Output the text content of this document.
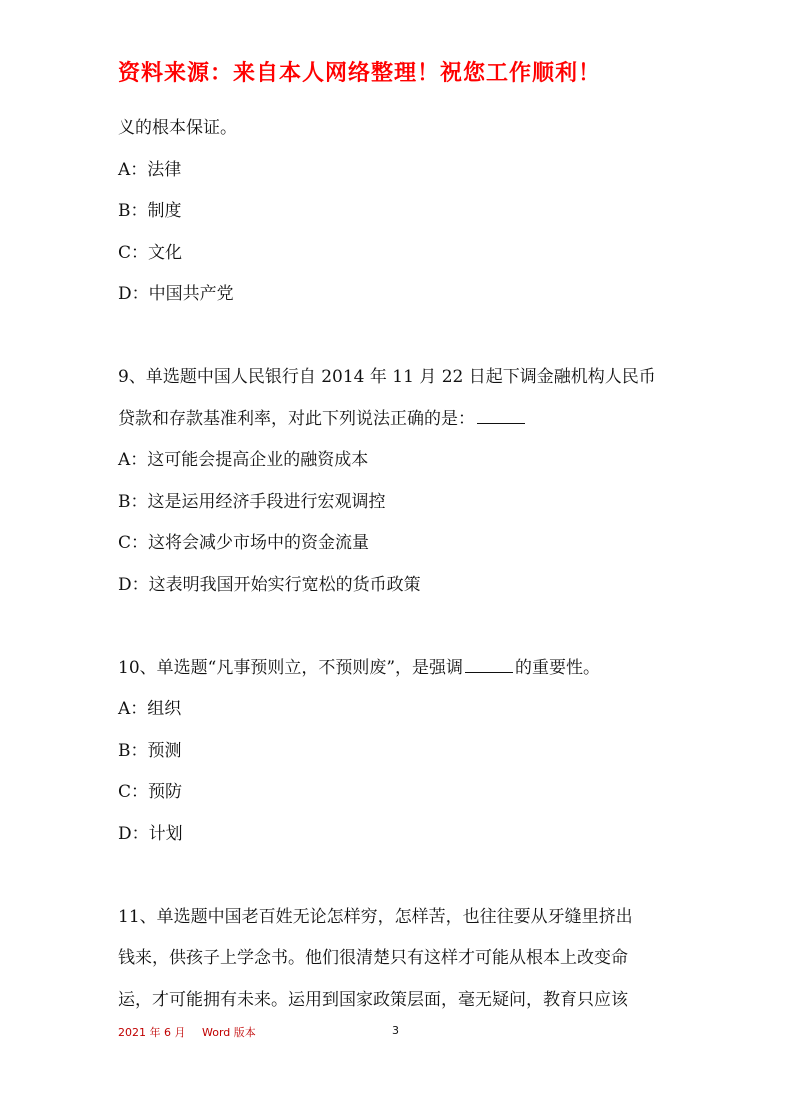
资料来源：来自本人网络整理！祝您工作顺利！
义的根本保证。
A：法律
B：制度
C：文化
D：中国共产党
9、单选题中国人民银行自 2014 年 11 月 22 日起下调金融机构人民币
贷款和存款基准利率，对此下列说法正确的是：
A：这可能会提高企业的融资成本
B：这是运用经济手段进行宏观调控
C：这将会减少市场中的资金流量
D：这表明我国开始实行宽松的货币政策
10、单选题“凡事预则立，不预则废”，是强调	的重要性。
A：组织
B：预测
C：预防
D：计划
11、单选题中国老百姓无论怎样穷，怎样苦，也往往要从牙缝里挤出
钱来，供孩子上学念书。他们很清楚只有这样才可能从根本上改变命
运，才可能拥有未来。运用到国家政策层面，毫无疑问，教育只应该
2021 年 6 月 Word 版本	3
